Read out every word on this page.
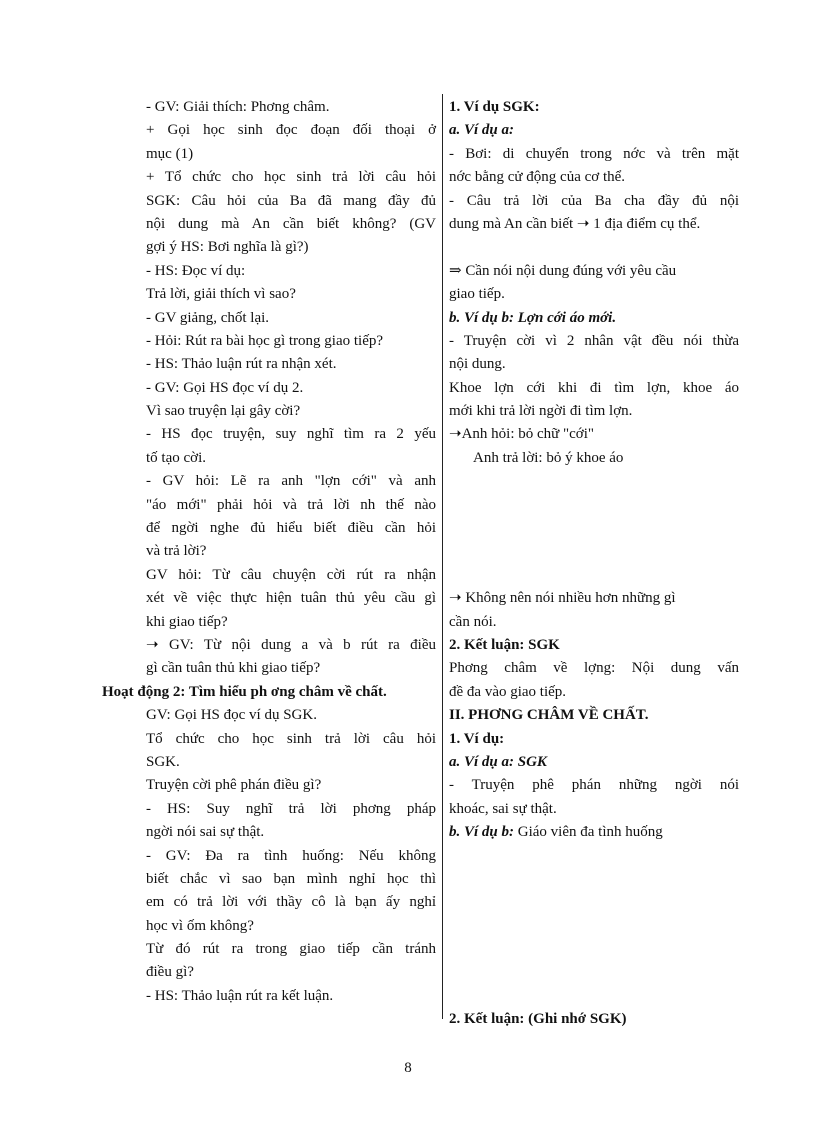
- GV: Giải thích: Phơng châm.
+ Gọi học sinh đọc đoạn đối thoại ở
mục (1)
+ Tổ chức cho học sinh trả lời câu hỏi
SGK: Câu hỏi của Ba đã mang đầy đủ
nội dung mà An cần biết không? (GV
gợi ý HS: Bơi nghĩa là gì?)
- HS: Đọc ví dụ:
Trả lời, giải thích vì sao?
- GV giảng, chốt lại.
- Hỏi: Rút ra bài học gì trong giao tiếp?
- HS: Thảo luận rút ra nhận xét.
- GV: Gọi HS đọc ví dụ 2.
Vì sao truyện lại gây cời?
- HS đọc truyện, suy nghĩ tìm ra 2 yếu
tố tạo cời.
- GV hỏi: Lẽ ra anh "lợn cới" và anh
"áo mới" phải hỏi và trả lời nh thế nào
để ngời nghe đủ hiểu biết điều cần hỏi
và trả lời?
GV hỏi: Từ câu chuyện cời rút ra nhận
xét về việc thực hiện tuân thủ yêu cầu gì
khi giao tiếp?
➝ GV: Từ nội dung a và b rút ra điều
gì cần tuân thủ khi giao tiếp?
Hoạt động 2: Tìm hiểu ph ơng châm về chất.
GV: Gọi HS đọc ví dụ SGK.
Tổ chức cho học sinh trả lời câu hỏi
SGK.
Truyện cời phê phán điều gì?
- HS: Suy nghĩ trả lời phơng pháp
ngời nói sai sự thật.
- GV: Đa ra tình huống: Nếu không
biết chắc vì sao bạn mình nghỉ học thì
em có trả lời với thầy cô là bạn ấy nghỉ
học vì ốm không?
Từ đó rút ra trong giao tiếp cần tránh
điều gì?
- HS: Thảo luận rút ra kết luận.
1. Ví dụ SGK:
a. Ví dụ a:
- Bơi: di chuyển trong nớc và trên mặt
nớc bằng cử động của cơ thể.
- Câu trả lời của Ba cha đầy đủ nội
dung mà An cần biết ➝ 1 địa điểm cụ thể.
⇒ Cần nói nội dung đúng với yêu cầu
giao tiếp.
b. Ví dụ b: Lợn cới áo mới.
- Truyện cời vì 2 nhân vật đều nói thừa
nội dung.
Khoe lợn cới khi đi tìm lợn, khoe áo
mới khi trả lời ngời đi tìm lợn.
➝Anh hỏi: bỏ chữ "cới"
Anh trả lời: bỏ ý khoe áo
➝ Không nên nói nhiều hơn những gì
cần nói.
2. Kết luận: SGK
Phơng châm về lợng: Nội dung vấn
đề đa vào giao tiếp.
II. PHƠNG CHÂM VỀ CHẤT.
1. Ví dụ:
a. Ví dụ a: SGK
- Truyện phê phán những ngời nói
khoác, sai sự thật.
b. Ví dụ b: Giáo viên đa tình huống
2. Kết luận: (Ghi nhớ SGK)
8
